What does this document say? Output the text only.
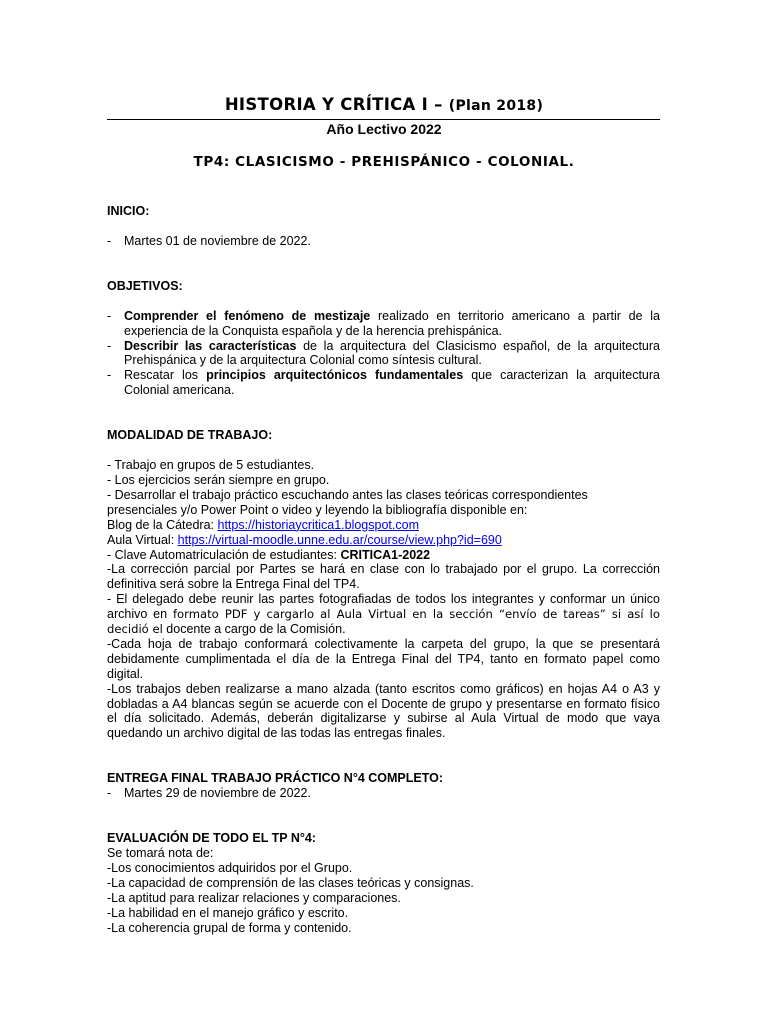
HISTORIA Y CRÍTICA I – (Plan 2018)

Año Lectivo 2022

TP4: CLASICISMO - PREHISPÁNICO - COLONIAL.

INICIO:

- Martes 01 de noviembre de 2022.

OBJETIVOS:

- Comprender el fenómeno de mestizaje realizado en territorio americano a partir de la experiencia de la Conquista española y de la herencia prehispánica.
- Describir las características de la arquitectura del Clasicismo español, de la arquitectura Prehispánica y de la arquitectura Colonial como síntesis cultural.
- Rescatar los principios arquitectónicos fundamentales que caracterizan la arquitectura Colonial americana.

MODALIDAD DE TRABAJO:

- Trabajo en grupos de 5 estudiantes.

- Los ejercicios serán siempre en grupo.

- Desarrollar el trabajo práctico escuchando antes las clases teóricas correspondientes presenciales y/o Power Point o video y leyendo la bibliografía disponible en:

Blog de la Cátedra: https://historiaycritica1.blogspot.com

Aula Virtual: https://virtual-moodle.unne.edu.ar/course/view.php?id=690

- Clave Automatriculación de estudiantes: CRITICA1-2022

-La corrección parcial por Partes se hará en clase con lo trabajado por el grupo. La corrección definitiva será sobre la Entrega Final del TP4.

- El delegado debe reunir las partes fotografiadas de todos los integrantes y conformar un único archivo en formato PDF y cargarlo al Aula Virtual en la sección “envío de tareas” si así lo decidió el docente a cargo de la Comisión.

-Cada hoja de trabajo conformará colectivamente la carpeta del grupo, la que se presentará debidamente cumplimentada el día de la Entrega Final del TP4, tanto en formato papel como digital.

-Los trabajos deben realizarse a mano alzada (tanto escritos como gráficos) en hojas A4 o A3 y dobladas a A4 blancas según se acuerde con el Docente de grupo y presentarse en formato físico el día solicitado. Además, deberán digitalizarse y subirse al Aula Virtual de modo que vaya quedando un archivo digital de las todas las entregas finales.

ENTREGA FINAL TRABAJO PRÁCTICO N°4 COMPLETO:

- Martes 29 de noviembre de 2022.

EVALUACIÓN DE TODO EL TP N°4:

Se tomará nota de:

-Los conocimientos adquiridos por el Grupo.

-La capacidad de comprensión de las clases teóricas y consignas.

-La aptitud para realizar relaciones y comparaciones.

-La habilidad en el manejo gráfico y escrito.

-La coherencia grupal de forma y contenido.
